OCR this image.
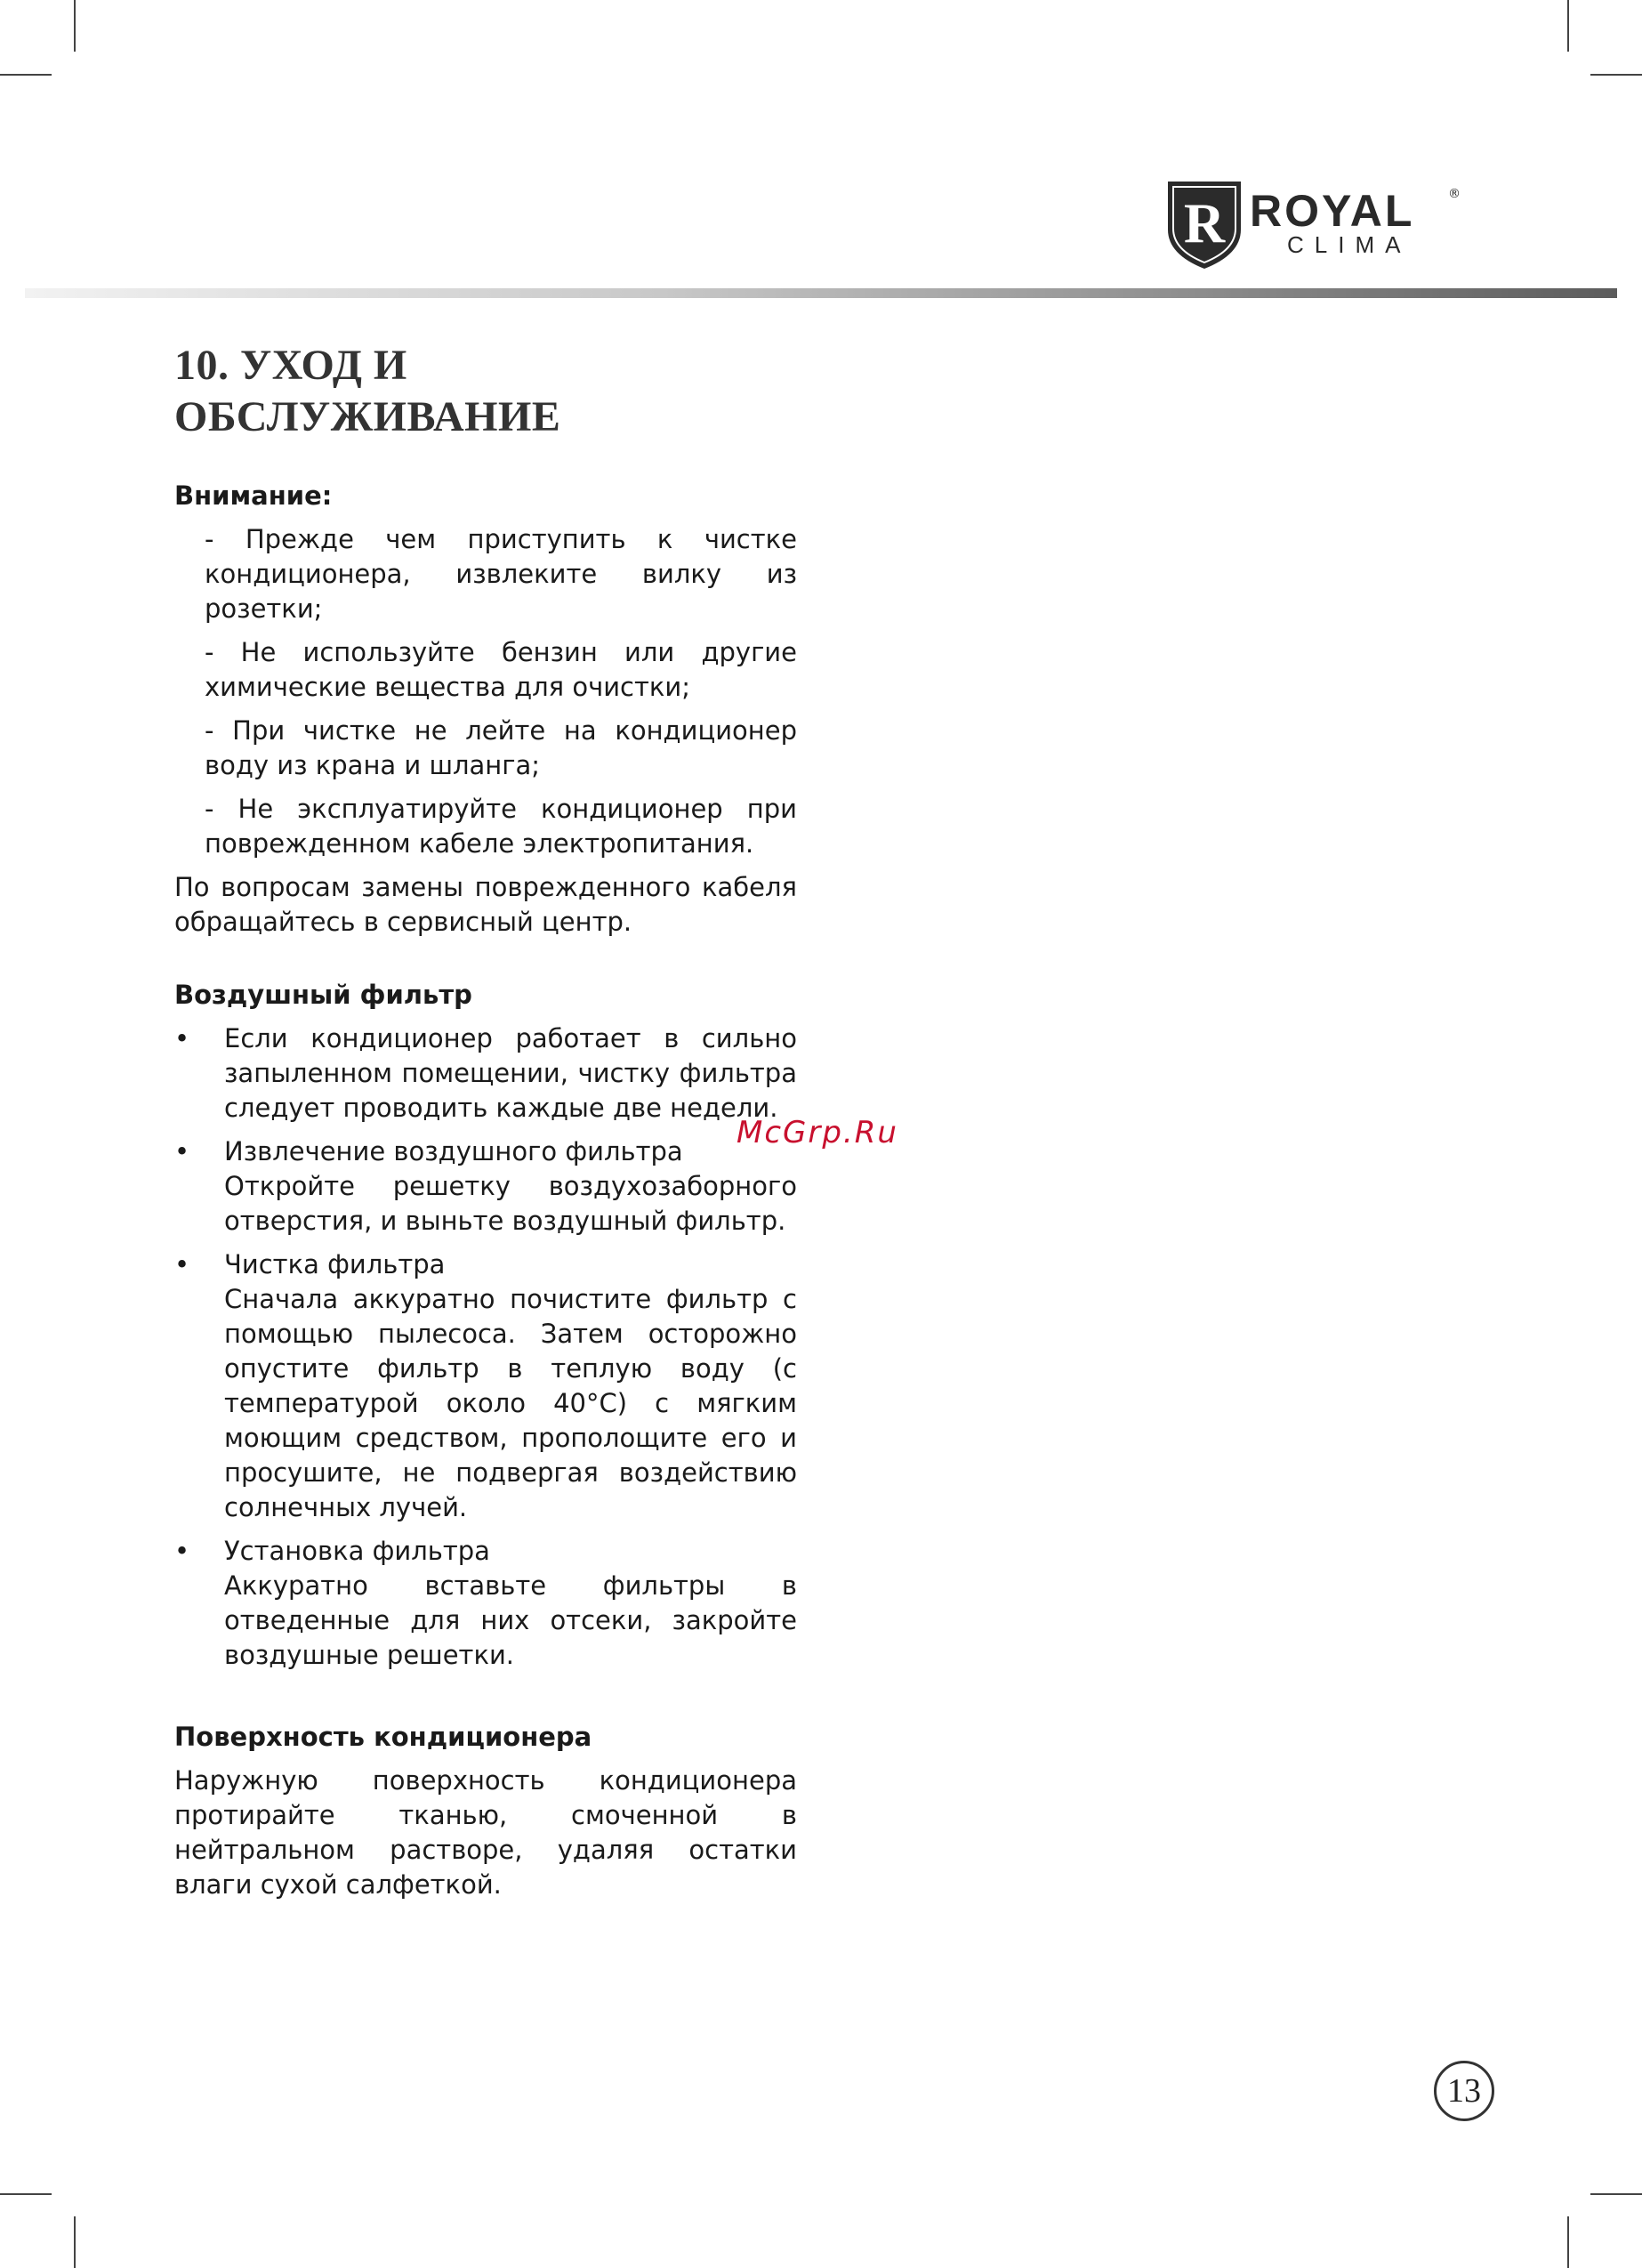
R ROYAL	®
CLIMA
10. УХОД И ОБСЛУЖИВАНИЕ

Внимание:

- Прежде чем приступить к чистке кондиционера, извлеките вилку из розетки;

- Не используйте бензин или другие химические вещества для очистки;

- При чистке не лейте на кондиционер воду из крана и шланга;

- Не эксплуатируйте кондиционер при поврежденном кабеле электропитания.

По вопросам замены поврежденного кабеля обращайтесь в сервисный центр.

Воздушный фильтр

• Если кондиционер работает в сильно запыленном помещении, чистку фильтра следует проводить каждые две недели.

• Извлечение воздушного фильтра

Откройте решетку воздухозаборного отверстия, и выньте воздушный фильтр.

• Чистка фильтра

Сначала аккуратно почистите фильтр с помощью пылесоса. Затем осторожно опустите фильтр в теплую воду (с температурой около 40°С) с мягким моющим средством, прополощите его и просушите, не подвергая воздействию солнечных лучей.

• Установка фильтра

Аккуратно вставьте фильтры в отведенные для них отсеки, закройте воздушные решетки.

Поверхность кондиционера

Наружную поверхность кондиционера протирайте тканью, смоченной в нейтральном растворе, удаляя остатки влаги сухой салфеткой.

McGrp.Ru
13
